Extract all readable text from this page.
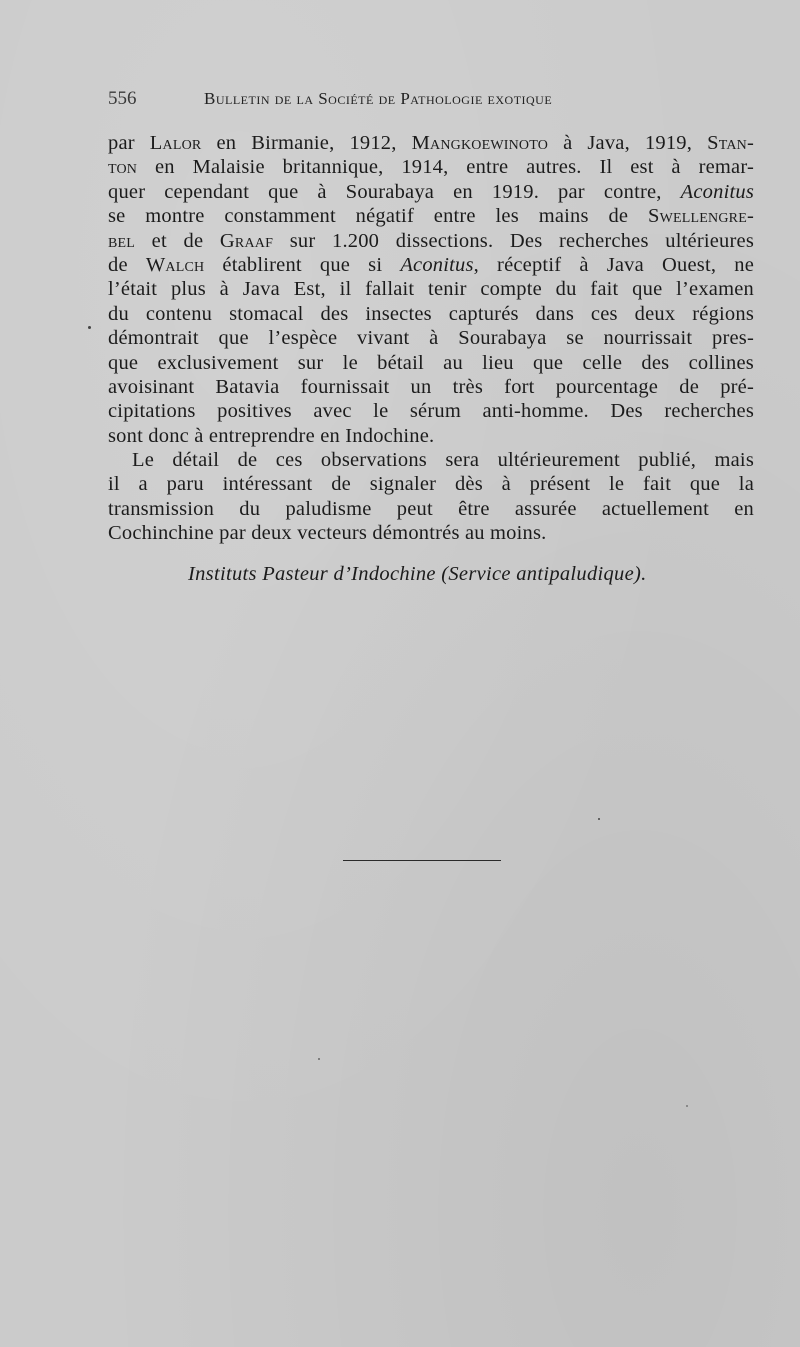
556	Bulletin de la Société de Pathologie exotique
par Lalor en Birmanie, 1912, Mangkoewinoto à Java, 1919, Stan-
ton en Malaisie britannique, 1914, entre autres. Il est à remar-
quer cependant que à Sourabaya en 1919. par contre, Aconitus
se montre constamment négatif entre les mains de Swellengre-
bel et de Graaf sur 1.200 dissections. Des recherches ultérieures
de Walch établirent que si Aconitus, réceptif à Java Ouest, ne
l’était plus à Java Est, il fallait tenir compte du fait que l’examen
du contenu stomacal des insectes capturés dans ces deux régions
démontrait que l’espèce vivant à Sourabaya se nourrissait pres-
que exclusivement sur le bétail au lieu que celle des collines
avoisinant Batavia fournissait un très fort pourcentage de pré-
cipitations positives avec le sérum anti-homme. Des recherches
sont donc à entreprendre en Indochine.
Le détail de ces observations sera ultérieurement publié, mais
il a paru intéressant de signaler dès à présent le fait que la
transmission du paludisme peut être assurée actuellement en
Cochinchine par deux vecteurs démontrés au moins.
Instituts Pasteur d’Indochine (Service antipaludique).
